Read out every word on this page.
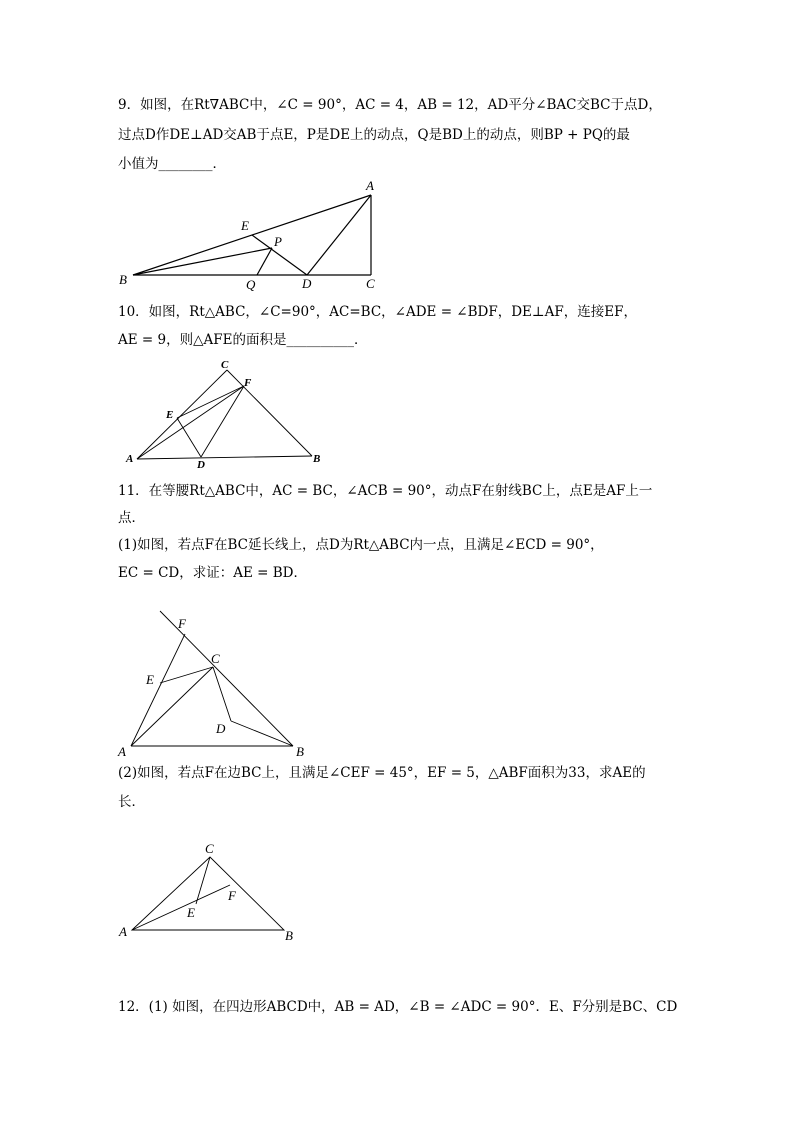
9．如图，在Rt∇ABC中，∠C = 90°，AC = 4，AB = 12，AD平分∠BAC交BC于点D，
过点D作DE⊥AD交AB于点E，P是DE上的动点，Q是BD上的动点，则BP + PQ的最
小值为________．
A
B	C
D
E
P
Q
10．如图，Rt△ABC，∠C=90°，AC=BC，∠ADE = ∠BDF，DE⊥AF，连接EF，
AE = 9，则△AFE的面积是__________．
A	B
C
D
E
F
11．在等腰Rt△ABC中，AC = BC，∠ACB = 90°，动点F在射线BC上，点E是AF上一
点．
(1)如图，若点F在BC延长线上，点D为Rt△ABC内一点，且满足∠ECD = 90°，
EC = CD，求证：AE = BD．
A	B
C
D
E
F
(2)如图，若点F在边BC上，且满足∠CEF = 45°，EF = 5，△ABF面积为33，求AE的
长．
A	B
C
E
F
12．(1) 如图，在四边形ABCD中，AB = AD，∠B = ∠ADC = 90°．E、F分别是BC、CD
